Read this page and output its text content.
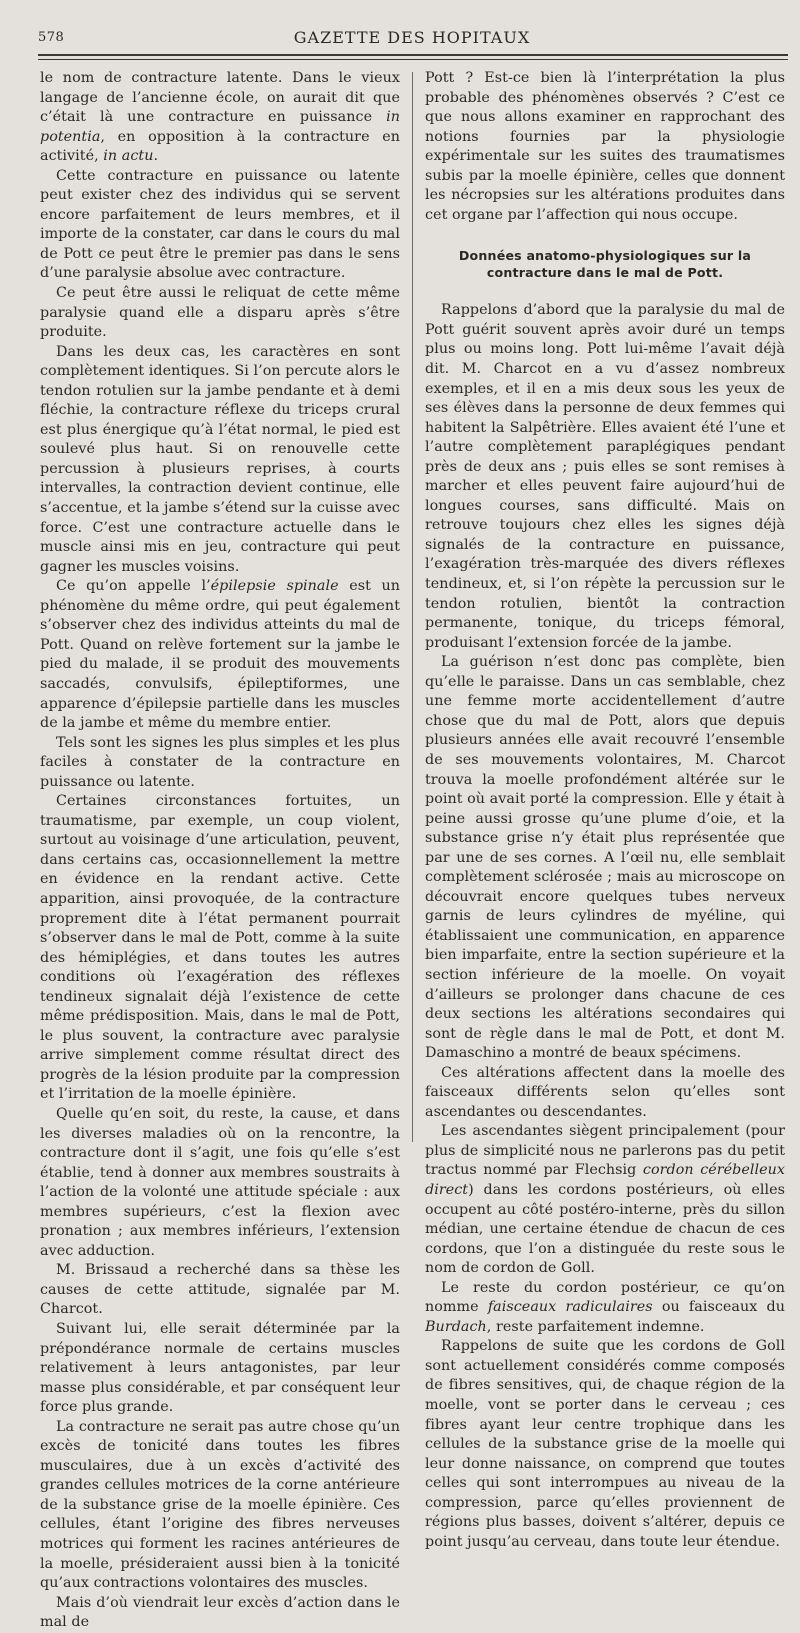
578	GAZETTE DES HOPITAUX

le nom de contracture latente. Dans le vieux langage de l’ancienne école, on aurait dit que c’était là une contracture en puissance in potentia, en opposition à la contracture en activité, in actu.

Cette contracture en puissance ou latente peut exister chez des individus qui se servent encore parfaitement de leurs membres, et il importe de la constater, car dans le cours du mal de Pott ce peut être le premier pas dans le sens d’une paralysie absolue avec contracture.

Ce peut être aussi le reliquat de cette même paralysie quand elle a disparu après s’être produite.

Dans les deux cas, les caractères en sont complètement identiques. Si l’on percute alors le tendon rotulien sur la jambe pendante et à demi fléchie, la contracture réflexe du triceps crural est plus énergique qu’à l’état normal, le pied est soulevé plus haut. Si on renouvelle cette percussion à plusieurs reprises, à courts intervalles, la contraction devient continue, elle s’accentue, et la jambe s’étend sur la cuisse avec force. C’est une contracture actuelle dans le muscle ainsi mis en jeu, contracture qui peut gagner les muscles voisins.

Ce qu’on appelle l’épilepsie spinale est un phénomène du même ordre, qui peut également s’observer chez des individus atteints du mal de Pott. Quand on relève fortement sur la jambe le pied du malade, il se produit des mouvements saccadés, convulsifs, épileptiformes, une apparence d’épilepsie partielle dans les muscles de la jambe et même du membre entier.

Tels sont les signes les plus simples et les plus faciles à constater de la contracture en puissance ou latente.

Certaines circonstances fortuites, un traumatisme, par exemple, un coup violent, surtout au voisinage d’une articulation, peuvent, dans certains cas, occasionnellement la mettre en évidence en la rendant active. Cette apparition, ainsi provoquée, de la contracture proprement dite à l’état permanent pourrait s’observer dans le mal de Pott, comme à la suite des hémiplégies, et dans toutes les autres conditions où l’exagération des réflexes tendineux signalait déjà l’existence de cette même prédisposition. Mais, dans le mal de Pott, le plus souvent, la contracture avec paralysie arrive simplement comme résultat direct des progrès de la lésion produite par la compression et l’irritation de la moelle épinière.

Quelle qu’en soit, du reste, la cause, et dans les diverses maladies où on la rencontre, la contracture dont il s’agit, une fois qu’elle s’est établie, tend à donner aux membres soustraits à l’action de la volonté une attitude spéciale : aux membres supérieurs, c’est la flexion avec pronation ; aux membres inférieurs, l’extension avec adduction.

M. Brissaud a recherché dans sa thèse les causes de cette attitude, signalée par M. Charcot.

Suivant lui, elle serait déterminée par la prépondérance normale de certains muscles relativement à leurs antagonistes, par leur masse plus considérable, et par conséquent leur force plus grande.

La contracture ne serait pas autre chose qu’un excès de tonicité dans toutes les fibres musculaires, due à un excès d’activité des grandes cellules motrices de la corne antérieure de la substance grise de la moelle épinière. Ces cellules, étant l’origine des fibres nerveuses motrices qui forment les racines antérieures de la moelle, présideraient aussi bien à la tonicité qu’aux contractions volontaires des muscles.

Mais d’où viendrait leur excès d’action dans le mal de

Pott ? Est-ce bien là l’interprétation la plus probable des phénomènes observés ? C’est ce que nous allons examiner en rapprochant des notions fournies par la physiologie expérimentale sur les suites des traumatismes subis par la moelle épinière, celles que donnent les nécropsies sur les altérations produites dans cet organe par l’affection qui nous occupe.

Données anatomo-physiologiques sur la contracture dans le mal de Pott.

Rappelons d’abord que la paralysie du mal de Pott guérit souvent après avoir duré un temps plus ou moins long. Pott lui-même l’avait déjà dit. M. Charcot en a vu d’assez nombreux exemples, et il en a mis deux sous les yeux de ses élèves dans la personne de deux femmes qui habitent la Salpêtrière. Elles avaient été l’une et l’autre complètement paraplégiques pendant près de deux ans ; puis elles se sont remises à marcher et elles peuvent faire aujourd’hui de longues courses, sans difficulté. Mais on retrouve toujours chez elles les signes déjà signalés de la contracture en puissance, l’exagération très-marquée des divers réflexes tendineux, et, si l’on répète la percussion sur le tendon rotulien, bientôt la contraction permanente, tonique, du triceps fémoral, produisant l’extension forcée de la jambe.

La guérison n’est donc pas complète, bien qu’elle le paraisse. Dans un cas semblable, chez une femme morte accidentellement d’autre chose que du mal de Pott, alors que depuis plusieurs années elle avait recouvré l’ensemble de ses mouvements volontaires, M. Charcot trouva la moelle profondément altérée sur le point où avait porté la compression. Elle y était à peine aussi grosse qu’une plume d’oie, et la substance grise n’y était plus représentée que par une de ses cornes. A l’œil nu, elle semblait complètement sclérosée ; mais au microscope on découvrait encore quelques tubes nerveux garnis de leurs cylindres de myéline, qui établissaient une communication, en apparence bien imparfaite, entre la section supérieure et la section inférieure de la moelle. On voyait d’ailleurs se prolonger dans chacune de ces deux sections les altérations secondaires qui sont de règle dans le mal de Pott, et dont M. Damaschino a montré de beaux spécimens.

Ces altérations affectent dans la moelle des faisceaux différents selon qu’elles sont ascendantes ou descendantes.

Les ascendantes siègent principalement (pour plus de simplicité nous ne parlerons pas du petit tractus nommé par Flechsig cordon cérébelleux direct) dans les cordons postérieurs, où elles occupent au côté postéro-interne, près du sillon médian, une certaine étendue de chacun de ces cordons, que l’on a distinguée du reste sous le nom de cordon de Goll.

Le reste du cordon postérieur, ce qu’on nomme faisceaux radiculaires ou faisceaux du Burdach, reste parfaitement indemne.

Rappelons de suite que les cordons de Goll sont actuellement considérés comme composés de fibres sensitives, qui, de chaque région de la moelle, vont se porter dans le cerveau ; ces fibres ayant leur centre trophique dans les cellules de la substance grise de la moelle qui leur donne naissance, on comprend que toutes celles qui sont interrompues au niveau de la compression, parce qu’elles proviennent de régions plus basses, doivent s’altérer, depuis ce point jusqu’au cerveau, dans toute leur étendue.
